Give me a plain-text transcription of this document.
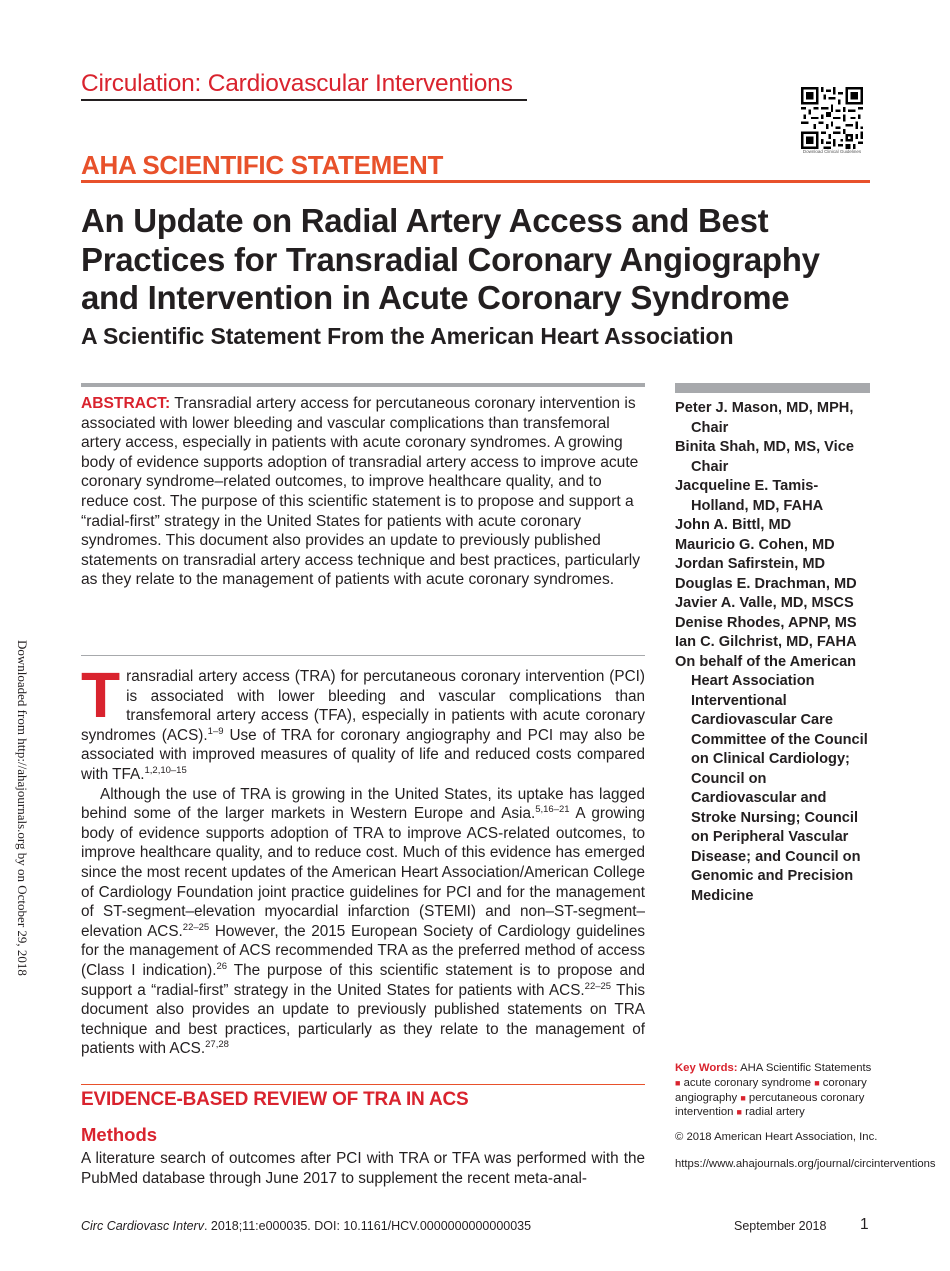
Circulation: Cardiovascular Interventions
Download Clinical Guidelines
AHA SCIENTIFIC STATEMENT
An Update on Radial Artery Access and Best Practices for Transradial Coronary Angiography and Intervention in Acute Coronary Syndrome
A Scientific Statement From the American Heart Association
ABSTRACT: Transradial artery access for percutaneous coronary intervention is associated with lower bleeding and vascular complications than transfemoral artery access, especially in patients with acute coronary syndromes. A growing body of evidence supports adoption of transradial artery access to improve acute coronary syndrome–related outcomes, to improve healthcare quality, and to reduce cost. The purpose of this scientific statement is to propose and support a “radial-first” strategy in the United States for patients with acute coronary syndromes. This document also provides an update to previously published statements on transradial artery access technique and best practices, particularly as they relate to the management of patients with acute coronary syndromes.
Peter J. Mason, MD, MPH, Chair
Binita Shah, MD, MS, Vice Chair
Jacqueline E. Tamis-Holland, MD, FAHA
John A. Bittl, MD
Mauricio G. Cohen, MD
Jordan Safirstein, MD
Douglas E. Drachman, MD
Javier A. Valle, MD, MSCS
Denise Rhodes, APNP, MS
Ian C. Gilchrist, MD, FAHA
On behalf of the American Heart Association Interventional Cardiovascular Care Committee of the Council on Clinical Cardiology; Council on Cardiovascular and Stroke Nursing; Council on Peripheral Vascular Disease; and Council on Genomic and Precision Medicine
Downloaded from http://ahajournals.org by on October 29, 2018 Transradial artery access (TRA) for percutaneous coronary intervention (PCI) is associated with lower bleeding and vascular complications than transfemoral artery access (TFA), especially in patients with acute coronary syndromes (ACS).$^{1-9}$ Use of TRA for coronary angiography and PCI may also be associated with improved measures of quality of life and reduced costs compared with TFA.$^{1,2,10-15}$

Although the use of TRA is growing in the United States, its uptake has lagged behind some of the larger markets in Western Europe and Asia.$^{5,16-21}$ A growing body of evidence supports adoption of TRA to improve ACS-related outcomes, to improve healthcare quality, and to reduce cost. Much of this evidence has emerged since the most recent updates of the American Heart Association/American College of Cardiology Foundation joint practice guidelines for PCI and for the management of ST-segment–elevation myocardial infarction (STEMI) and non–ST-segment–elevation ACS.$^{22-25}$ However, the 2015 European Society of Cardiology guidelines for the management of ACS recommended TRA as the preferred method of access (Class I indication).$^{26}$ The purpose of this scientific statement is to propose and support a “radial-first” strategy in the United States for patients with ACS.$^{22-25}$ This document also provides an update to previously published statements on TRA technique and best practices, particularly as they relate to the management of patients with ACS.$^{27,28}$

EVIDENCE-BASED REVIEW OF TRA IN ACS
Methods
A literature search of outcomes after PCI with TRA or TFA was performed with the PubMed database through June 2017 to supplement the recent meta-anal-
Key Words: AHA Scientific Statements ■ acute coronary syndrome ■ coronary angiography ■ percutaneous coronary intervention ■ radial artery
© 2018 American Heart Association, Inc.
https://www.ahajournals.org/journal/circinterventions
Circ Cardiovasc Interv. 2018;11:e000035. DOI: 10.1161/HCV.0000000000000035	September 2018 1
